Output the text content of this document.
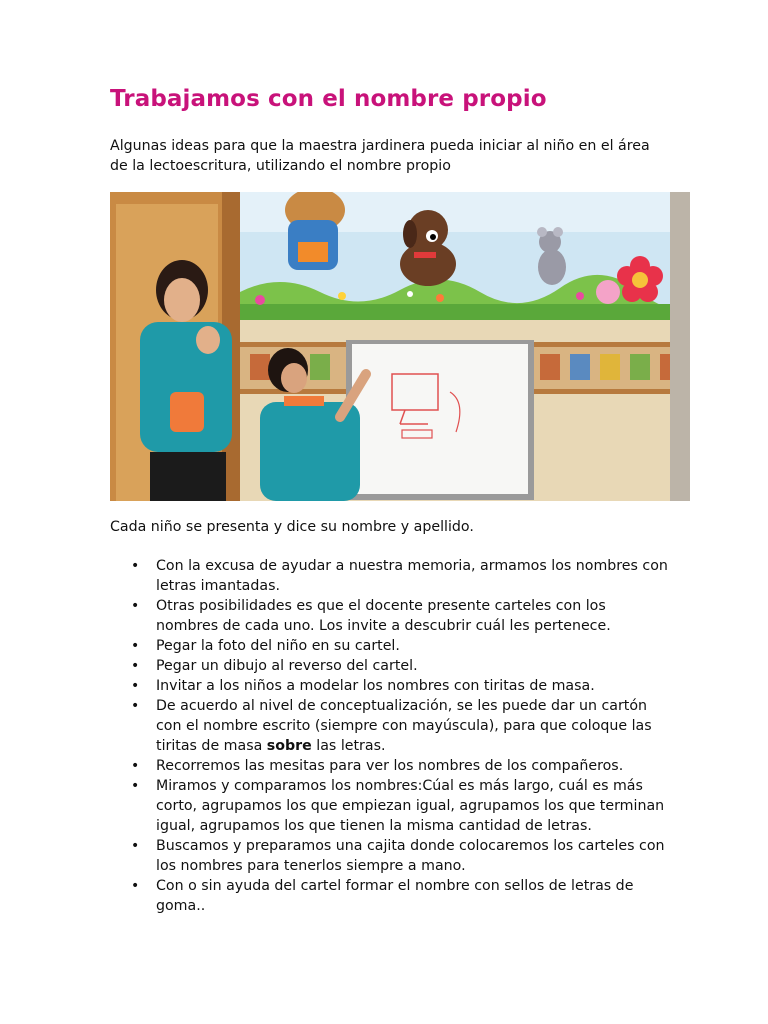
Trabajamos con el nombre propio

Algunas ideas para que la maestra jardinera pueda iniciar al niño en el área de la lectoescritura, utilizando el nombre propio

Cada niño se presenta y dice su nombre y apellido.

• Con la excusa de ayudar a nuestra memoria, armamos los nombres con letras imantadas.
• Otras posibilidades es que el docente presente carteles con los nombres de cada uno. Los invite a descubrir cuál les pertenece.
• Pegar la foto del niño en su cartel.
• Pegar un dibujo al reverso del cartel.
• Invitar a los niños a modelar los nombres con tiritas de masa.
• De acuerdo al nivel de conceptualización, se les puede dar un cartón con el nombre escrito (siempre con mayúscula), para que coloque las tiritas de masa sobre las letras.
• Recorremos las mesitas para ver los nombres de los compañeros.
• Miramos y comparamos los nombres:Cúal es más largo, cuál es más corto, agrupamos los que empiezan igual, agrupamos los que terminan igual, agrupamos los que tienen la misma cantidad de letras.
• Buscamos y preparamos una cajita donde colocaremos los carteles con los nombres para tenerlos siempre a mano.
• Con o sin ayuda del cartel formar el nombre con sellos de letras de goma..
